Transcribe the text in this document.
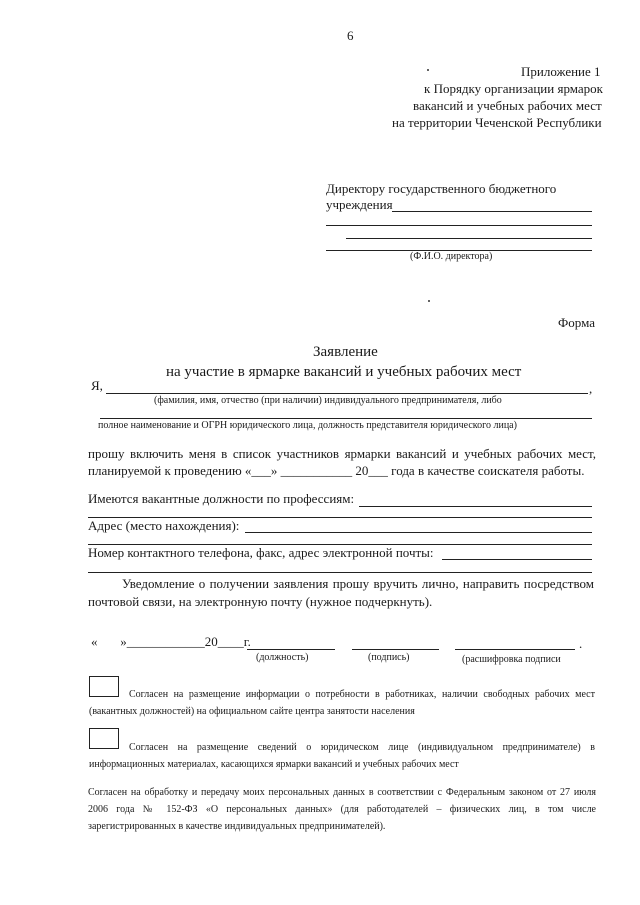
6
Приложение 1
к Порядку организации ярмарок
вакансий и учебных рабочих мест
на территории Чеченской Республики
Директору государственного бюджетного
учреждения
(Ф.И.О. директора)
Форма
Заявление
на участие в ярмарке вакансий и учебных рабочих мест
Я,	,
(фамилия, имя, отчество (при наличии) индивидуального предпринимателя, либо
полное наименование и ОГРН юридического лица, должность представителя юридического лица)
прошу включить меня в список участников ярмарки вакансий и учебных рабочих мест,
планируемой к проведению «___» ___________ 20___ года в качестве соискателя работы.
Имеются вакантные должности по профессиям:
Адрес (место нахождения):
Номер контактного телефона, факс, адрес электронной почты:
Уведомление о получении заявления прошу вручить лично, направить посредством почтовой связи, на электронную почту (нужное подчеркнуть).
«       »____________20____г.	.
(должность)	(подпись)	(расшифровка подписи
Согласен на размещение информации о потребности в работниках, наличии свободных рабочих мест (вакантных должностей) на официальном сайте центра занятости населения
Согласен на размещение сведений о юридическом лице (индивидуальном предпринимателе) в информационных материалах, касающихся ярмарки вакансий и учебных рабочих мест
Согласен на обработку и передачу моих персональных данных в соответствии с Федеральным законом от 27 июля 2006 года № 152-ФЗ «О персональных данных» (для работодателей – физических лиц, в том числе зарегистрированных в качестве индивидуальных предпринимателей).
